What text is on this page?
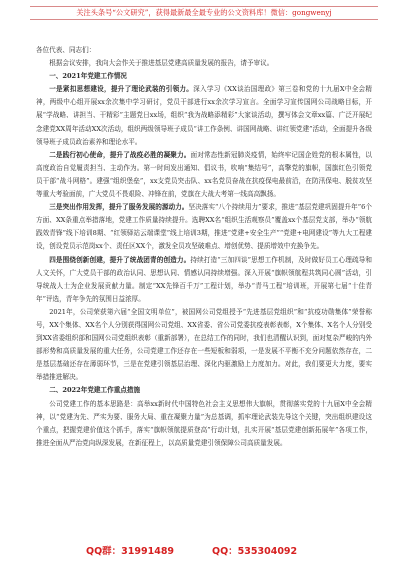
关注头条号“公文研究”，获得最新最全最专业的公文资料库！微信：gongwenyj

各位代表、同志们：

根据会议安排，我向大会作关于推进基层党建高质量发展的报告，请予审议。

一、2021年党建工作情况

一是紧扣思想建设，提升了理论武装的引领力。深入学习《XX谈治国理政》第三卷和党的十九届X中全会精神，两级中心组开展xx余次集中学习研讨，党员干部进行xx余次学习宣言。全面学习宣传国网公司战略目标，开展“学战略、讲担当、干精彩”主题党日xx场，组织“我为战略添精彩”大家谈活动，撰写体会文章xx篇、广泛开展纪念建党XX周年活动XX次活动，组织两级领导班子成员“讲工作条例、讲国网战略、讲红领党建”活动，全面提升各级领导班子成员政治素养和理论水平。

二是践行初心使命，提升了战疫必胜的凝聚力。面对常态性新冠肺炎疫情，始终牢记国企姓党的根本属性，以高度政治自觉履责担当、主动作为。第一时间发出通知、倡议书，吹响“集结号”，高擎党的旗帜，国旗红色引领党员干部“战斗网格”。建强“组织堡垒”，xx支党员突击队、xx名党员奋战在抗疫保电最前沿，在防汛保电、脱贫攻坚等重大考验面前，广大党员不畏艰险、冲锋在前，党旗在大战大考第一线高高飘扬。

三是突出作用发挥，提升了服务发展的源动力。坚决落实“八个持续用力”要求，推进“基层党建巩固提升年”6个方面、XX条重点举措落地，党建工作质量持续提升。选聘XX名“组织生活观察员”覆盖xx个基层党支部，举办“领航践效青锋”线下培训8期、“红领驿站云端课堂”线上培训3期，推进“党建+安全生产”“党建+电网建设”等九大工程建设，创设党员示范岗xx个、责任区XX个，激发全员攻坚破难点、增创优势、提质增效中充换争先。

四是围绕创新创建，提升了统战团青的创造力。持续打造“三加四谈”思想工作机制，及时做好员工心理疏导和人文关怀，广大党员干部的政治认同、思想认同、情感认同持续增强。深入开展“旗帜领航程共筑同心圆”活动，引导统战人士为企业发展贡献力量。制定“XX先锋百千万”工程计划，举办“青马工程”培训班，开展第七届“十佳青年”评选，青年争先的氛围日益浓厚。

2021年，公司荣获第六届“全国文明单位”，被国网公司党组授予“先进基层党组织”和“抗疫功勋集体”荣誉称号，XX个集体、XX名个人分别获得国网公司党组、XX省委、省公司党委抗疫表彰表彰，X个集体、X名个人分别受到XX省委组织部和国网公司党组织表彰（重新部署），在总结工作的同时，我们也清醒认识到，面对复杂严峻的内外部形势和高质量发展的重大任务，公司党建工作还存在一些短板和弱项，一是发展不平衡不充分问题依然存在，二是基层基础还存在薄弱环节，三是在党建引领基层治理、深化内驱激励上力度加力。对此，我们要更大力度，要实举措推进解决。

二、2022年党建工作重点措施

公司党建工作的基本思路是：高举xx新时代中国特色社会主义思想伟大旗帜，贯彻落实党的十九届X中全会精神，以“党建为先、严实为要、服务大局、重在凝聚力量”为总基调，抓牢理论武装先导这个关键，突出组织建设这个重点，把握党建价值这个抓手，落实“旗帜领航提质登高”行动计划，扎实开展“基层党建创新拓展年”各项工作，推进全面从严治党向纵深发展，在新征程上，以高质量党建引领保障公司高质量发展。

QQ群：31991489	QQ：535304092
